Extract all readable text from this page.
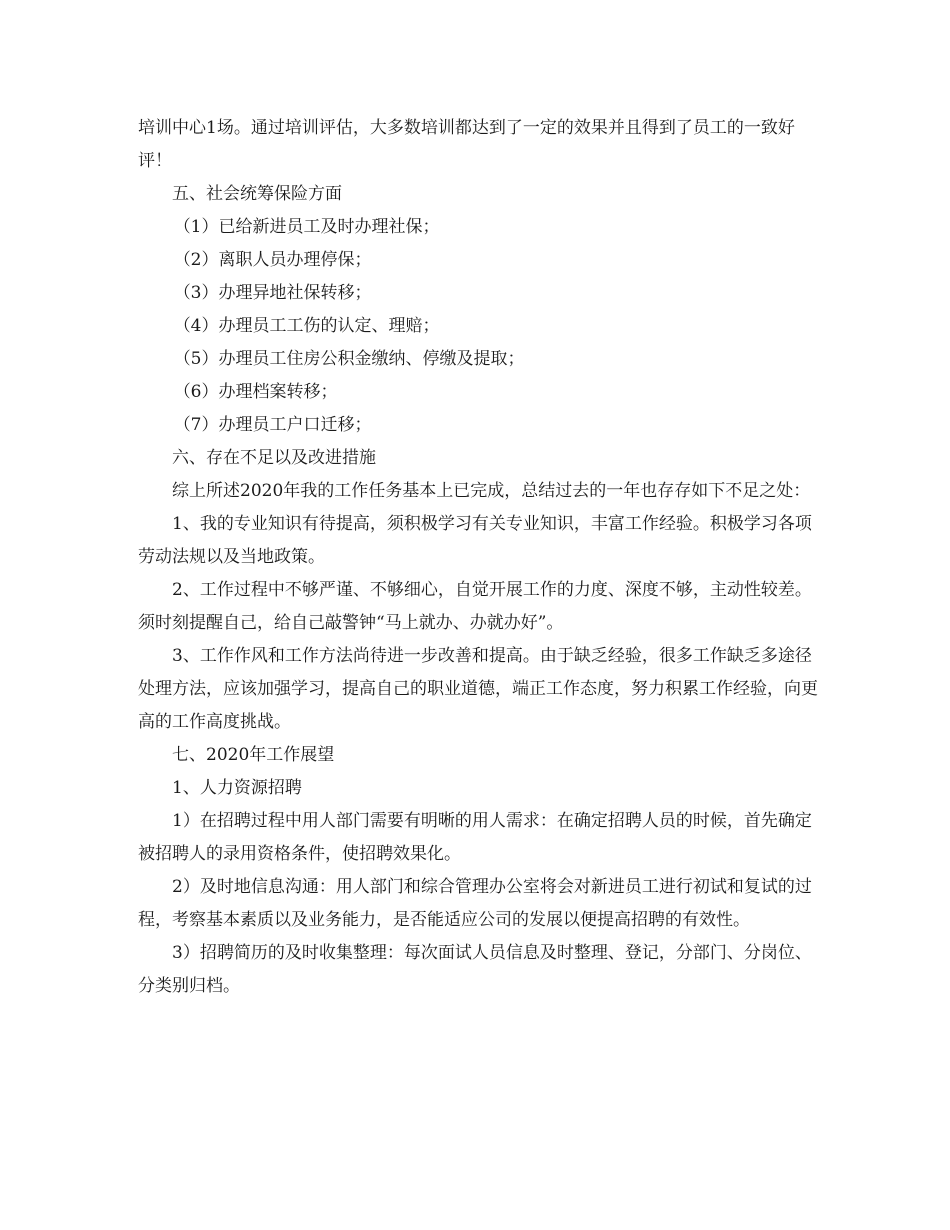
培训中心1场。通过培训评估，大多数培训都达到了一定的效果并且得到了员工的一致好评！

五、社会统筹保险方面

（1）已给新进员工及时办理社保；

（2）离职人员办理停保；

（3）办理异地社保转移；

（4）办理员工工伤的认定、理赔；

（5）办理员工住房公积金缴纳、停缴及提取；

（6）办理档案转移；

（7）办理员工户口迁移；

六、存在不足以及改进措施

综上所述2020年我的工作任务基本上已完成，总结过去的一年也存存如下不足之处：

1、我的专业知识有待提高，须积极学习有关专业知识，丰富工作经验。积极学习各项劳动法规以及当地政策。

2、工作过程中不够严谨、不够细心，自觉开展工作的力度、深度不够，主动性较差。须时刻提醒自己，给自己敲警钟“马上就办、办就办好”。

3、工作作风和工作方法尚待进一步改善和提高。由于缺乏经验，很多工作缺乏多途径处理方法，应该加强学习，提高自己的职业道德，端正工作态度，努力积累工作经验，向更高的工作高度挑战。

七、2020年工作展望

1、人力资源招聘

1）在招聘过程中用人部门需要有明晰的用人需求：在确定招聘人员的时候，首先确定被招聘人的录用资格条件，使招聘效果化。

2）及时地信息沟通：用人部门和综合管理办公室将会对新进员工进行初试和复试的过程，考察基本素质以及业务能力，是否能适应公司的发展以便提高招聘的有效性。

3）招聘简历的及时收集整理：每次面试人员信息及时整理、登记，分部门、分岗位、分类别归档。
